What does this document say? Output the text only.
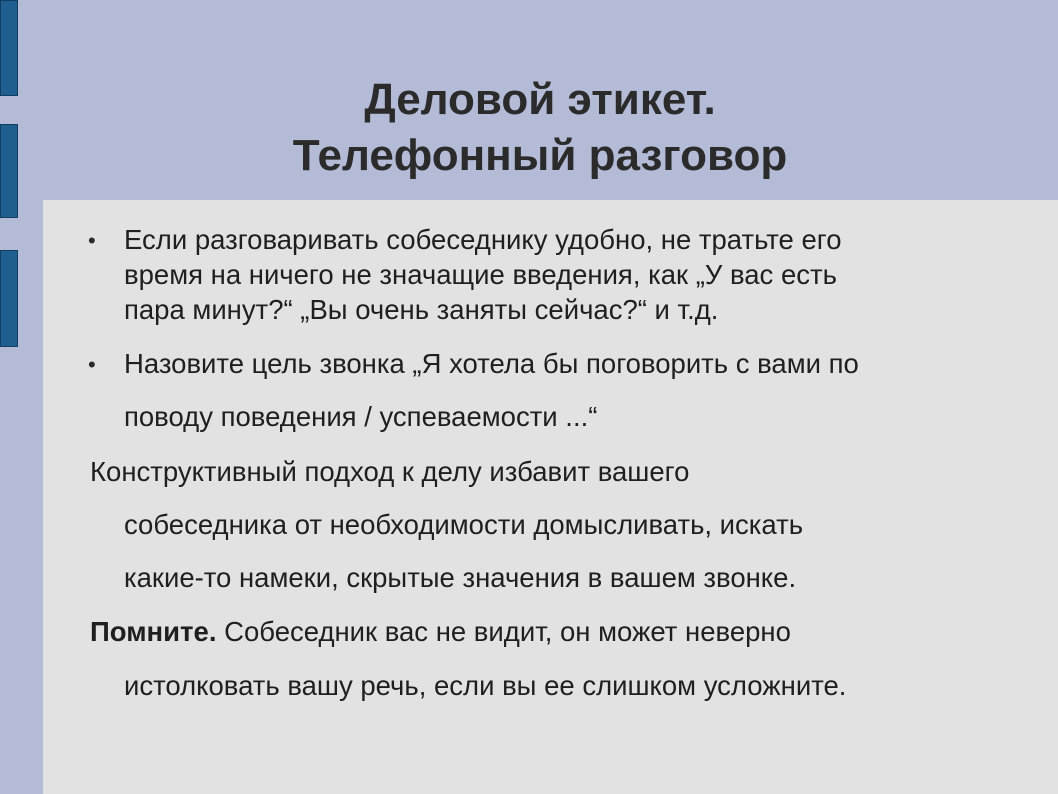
Деловой этикет.
Телефонный разговор
• Если разговаривать собеседнику удобно, не тратьте его
время на ничего не значащие введения, как „У вас есть
пара минут?“ „Вы очень заняты сейчас?“ и т.д.
• Назовите цель звонка „Я хотела бы поговорить с вами по
поводу поведения / успеваемости ...“
Конструктивный подход к делу избавит вашего
собеседника от необходимости домысливать, искать
какие-то намеки, скрытые значения в вашем звонке.
Помните. Собеседник вас не видит, он может неверно
истолковать вашу речь, если вы ее слишком усложните.
